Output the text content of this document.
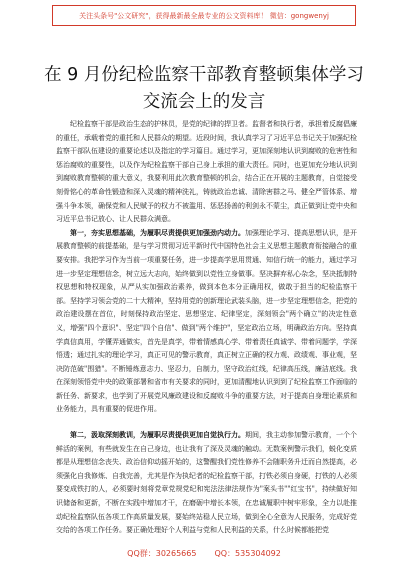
关注头条号"公文研究"，获得最新最全最专业的公文资料库！ 微信：gongwenyj
在 9 月份纪检监察干部教育整顿集体学习
交流会上的发言

纪检监察干部是政治生态的护林员，是党的纪律的捍卫者。监督者和执行者，承担着反腐倡廉的重任，承载着党的重托和人民群众的期望。近段时间，我认真学习了习近平总书记关于加强纪检监察干部队伍建设的重要论述以及指定的学习篇目。通过学习，更加深刻地认识到腐败的危害性和惩治腐败的重要性，以及作为纪检监察干部自己身上承担的重大责任。同时，也更加充分地认识到到腐败教育整顿的重大意义，我要利用此次教育整顿的机会，结合正在开展的主题教育，自觉接受刻骨铭心的革命性锻造和深入灵魂的精神洗礼，铸就政治忠诚、清除害群之马、健全严管体系、增强斗争本领，确保党和人民赋予的权力不被滥用、惩恶扬善的利剑永不蒙尘，真正做到让党中央和习近平总书记放心、让人民群众满意。

第一，夯实思想基础，为履职尽责提供更加强劲内动力。加强理论学习、提高思想认识，是开展教育整顿的前提基础，是与学习贯彻习近平新时代中国特色社会主义思想主题教育衔接融合的重要安排。我把学习作为当前一项重要任务，进一步提高学思用贯通、知信行统一的能力，通过学习进一步坚定理想信念，树立远大志向，始终做到以党性立身做事。坚决摒弃私心杂念，坚决抵制特权思想和特权现象，从严从实加强政治素养，做到本色本分正确用权，做敢于担当的纪检监察干部。坚持学习领会党的二十大精神，坚持用党的创新理论武装头脑，进一步坚定理想信念，把党的政治建设摆在首位，时刻保持政治坚定、思想坚定、纪律坚定，深刻领会"两个确立"的决定性意义，增强"四个意识"、坚定"四个自信"、做到"两个维护"，坚定政治立场，明确政治方向。坚持真学真信真用，学懂弄通做实，首先是真学，带着情感真心学、带着责任真诚学、带着问题学，学深悟透；通过扎实的理论学习，真正可见的警示教育，真正树立正确的权力观、政绩观、事业观，坚决防范破"围猎"。不断锤炼意志力、坚忍力，自制力，坚守政治红线，纪律高压线，廉洁底线。我在深刻领悟党中央的政策部署和省市有关要求的同时，更加清醒地认识到到了纪检监察工作面临的新任务、新要求，也学到了开展党风廉政建设和反腐败斗争的重要方法，对于提高自身理论素质和业务能力，具有重要的促进作用。

第二，汲取深刻教训，为履职尽责提供更加自觉执行力。期间，我主动参加警示教育，一个个鲜活的案例，有些就发生在自己身边，也让我有了深及灵魂的触动。无数案例警示我们，蜕化变质都是从理想信念丧失、政治信仰动摇开始的，这警醒我们党性修养不会随职务升迁而自然提高，必须强化自我修炼、自我完善，尤其是作为执纪者的纪检监察干部，打铁必须自身硬，打铁的人必须要变成铁打的人，必须要时刻将党章党规党纪和宪法法律法规作为"案头书""红宝书"，持续做好知识储备和更新，不断在实践中增加才干，在磨砺中增长本领，在忠诚履职中树牢形象，全力以赴推动纪检监察队伍各项工作高质量发展，要始终站稳人民立场，做到全心全意为人民服务，完成好党交给的各项工作任务。要正确处理好个人利益与党和人民利益的关系，什么时候都能把党

QQ群：30265665 QQ：535304092
